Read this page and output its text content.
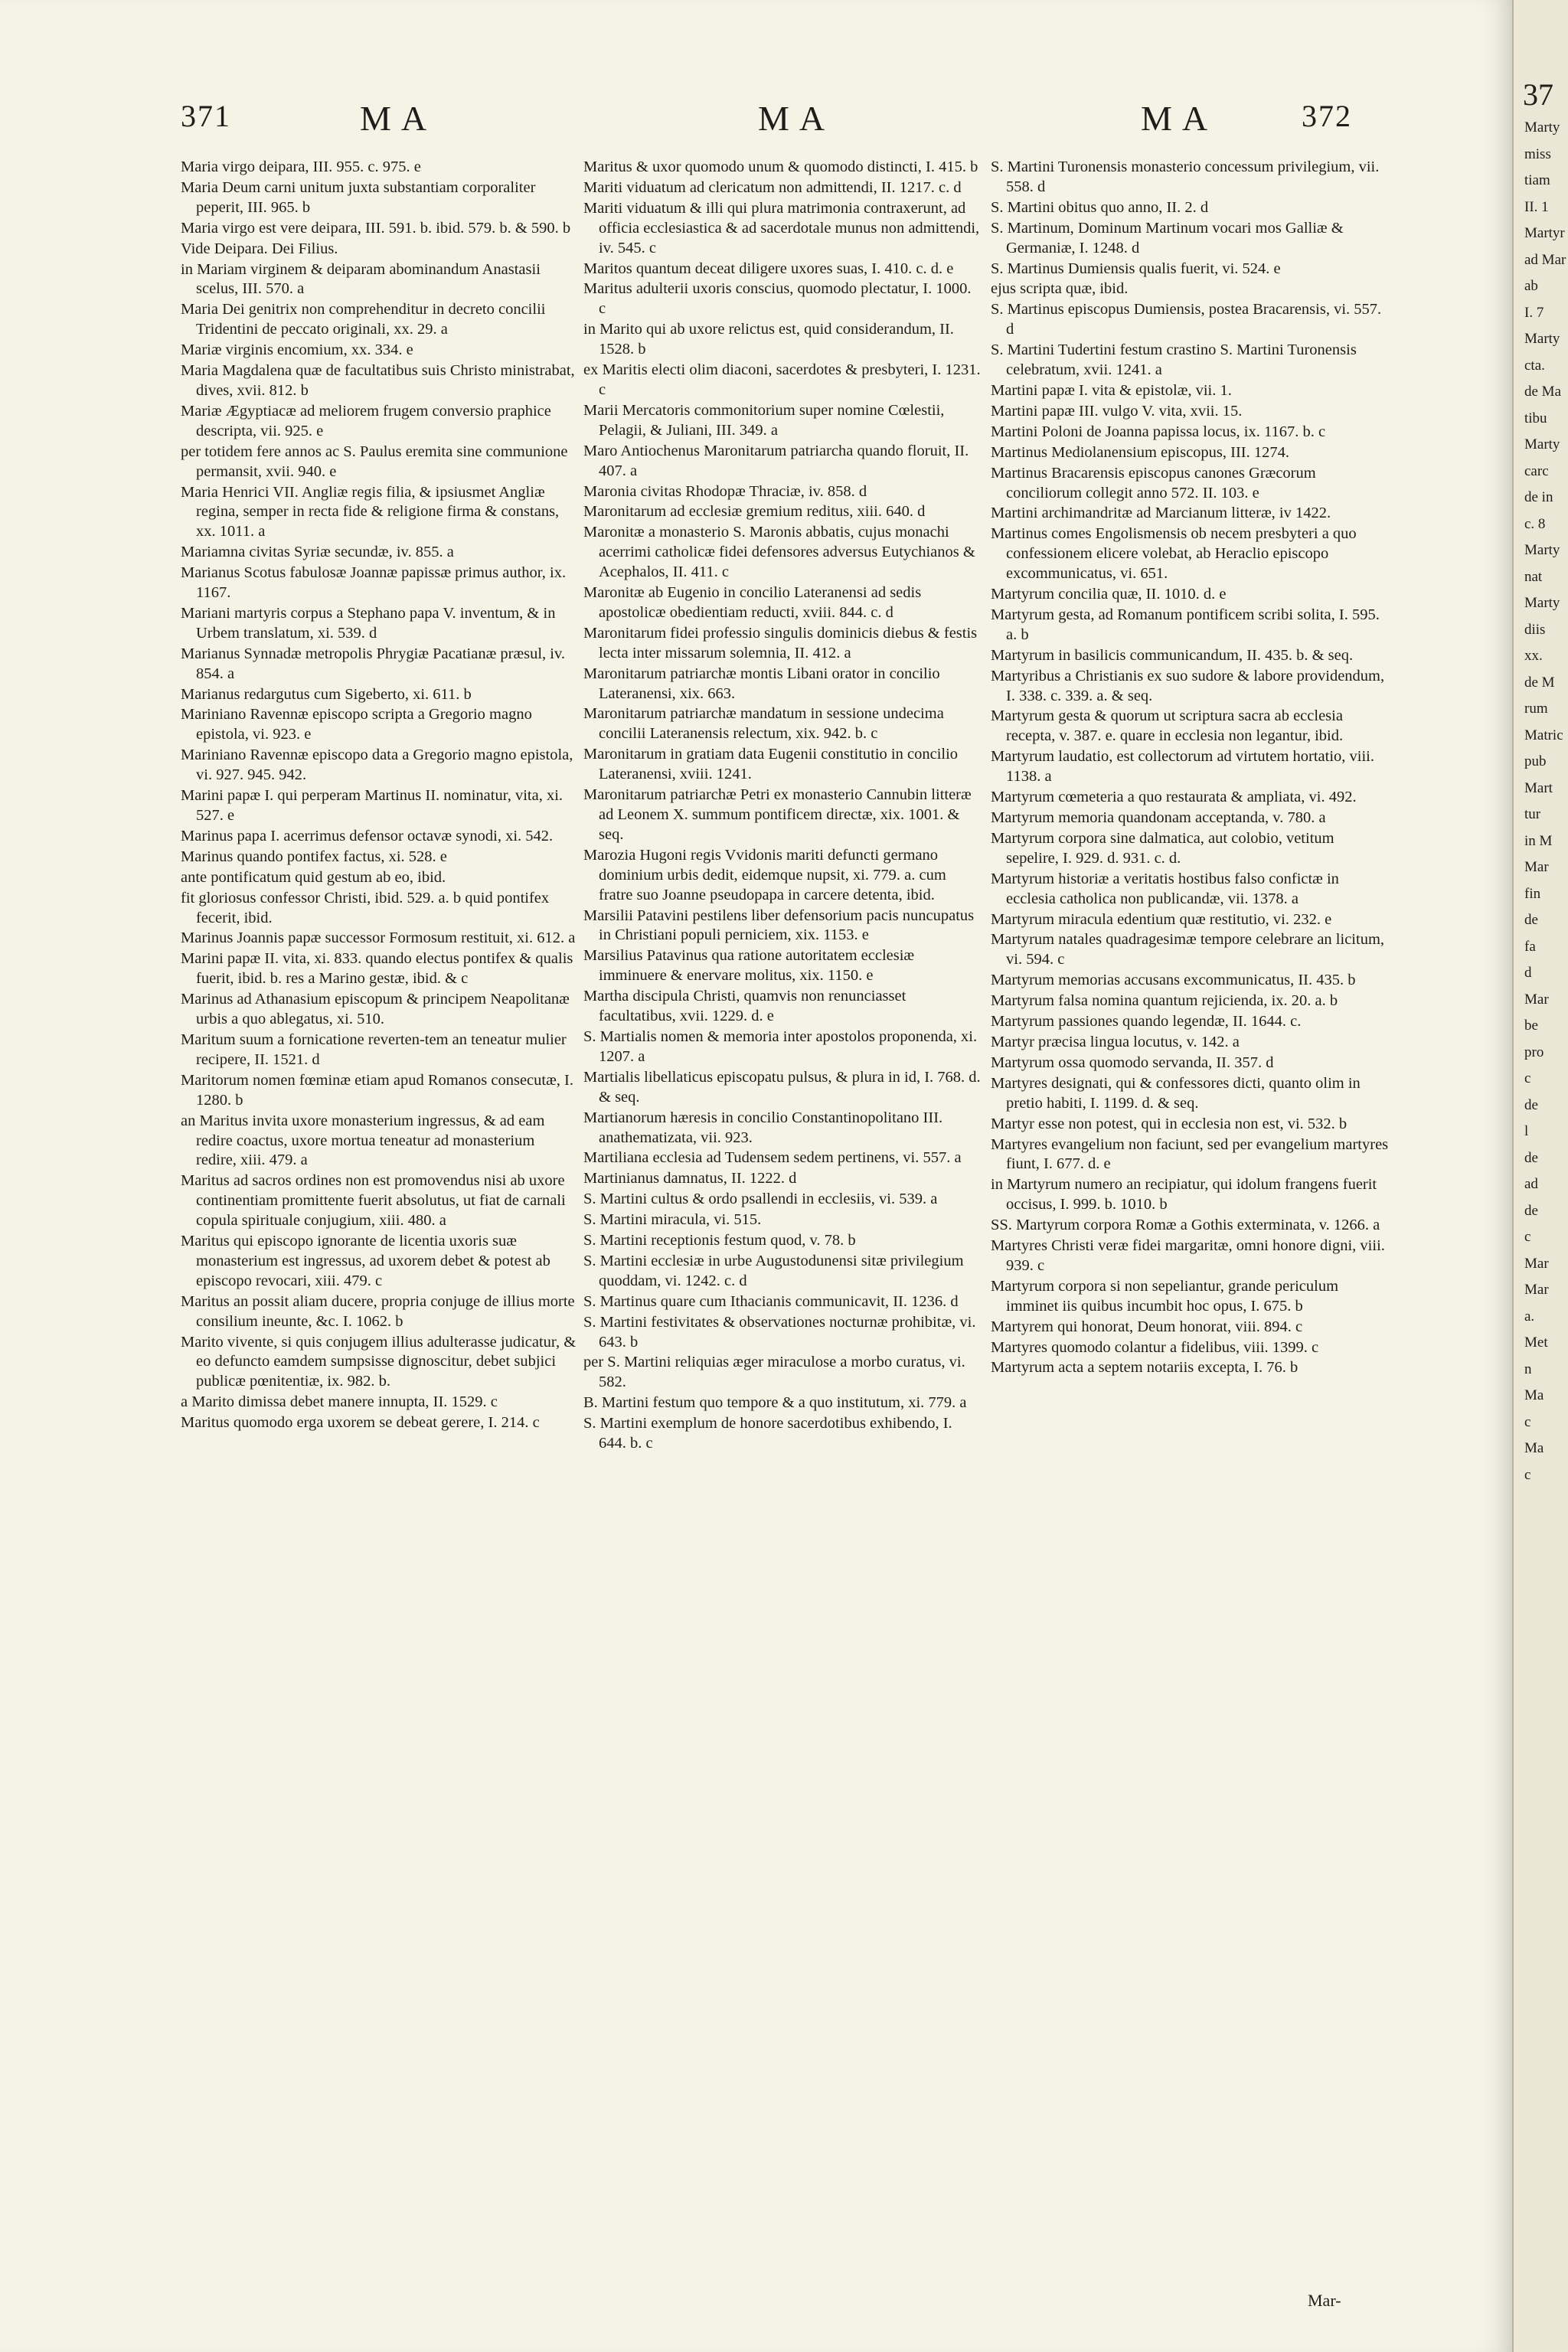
371	M A	M A	M A	372
Maria virgo deipara, III. 955. c. 975. e
Maria Deum carni unitum juxta substantiam corporaliter peperit, III. 965. b
Maria virgo est vere deipara, III. 591. b. ibid. 579. b. & 590. b
Vide Deipara. Dei Filius.
in Mariam virginem & deiparam abominandum Anastasii scelus, III. 570. a
Maria Dei genitrix non comprehenditur in decreto concilii Tridentini de peccato originali, xx. 29. a
Mariæ virginis encomium, xx. 334. e
Maria Magdalena quæ de facultatibus suis Christo ministrabat, dives, xvii. 812. b
Mariæ Ægyptiacæ ad meliorem frugem conversio praphice descripta, vii. 925. e
per totidem fere annos ac S. Paulus eremita sine communione permansit, xvii. 940. e
Maria Henrici VII. Angliæ regis filia, & ipsiusmet Angliæ regina, semper in recta fide & religione firma & constans, xx. 1011. a
Mariamna civitas Syriæ secundæ, iv. 855. a
Marianus Scotus fabulosæ Joannæ papissæ primus author, ix. 1167.
Mariani martyris corpus a Stephano papa V. inventum, & in Urbem translatum, xi. 539. d
Marianus Synnadæ metropolis Phrygiæ Pacatianæ præsul, iv. 854. a
Marianus redargutus cum Sigeberto, xi. 611. b
Mariniano Ravennæ episcopo scripta a Gregorio magno epistola, vi. 923. e
Mariniano Ravennæ episcopo data a Gregorio magno epistola, vi. 927. 945. 942.
Marini papæ I. qui perperam Martinus II. nominatur, vita, xi. 527. e
Marinus papa I. acerrimus defensor octavæ synodi, xi. 542.
Marinus quando pontifex factus, xi. 528. e
ante pontificatum quid gestum ab eo, ibid.
fit gloriosus confessor Christi, ibid. 529. a. b quid pontifex fecerit, ibid.
Marinus Joannis papæ successor Formosum restituit, xi. 612. a
Marini papæ II. vita, xi. 833. quando electus pontifex & qualis fuerit, ibid. b. res a Marino gestæ, ibid. & c
Marinus ad Athanasium episcopum & principem Neapolitanæ urbis a quo ablegatus, xi. 510.
Maritum suum a fornicatione reverten-tem an teneatur mulier recipere, II. 1521. d
Maritorum nomen fœminæ etiam apud Romanos consecutæ, I. 1280. b
an Maritus invita uxore monasterium ingressus, & ad eam redire coactus, uxore mortua teneatur ad monasterium redire, xiii. 479. a
Maritus ad sacros ordines non est promovendus nisi ab uxore continentiam promittente fuerit absolutus, ut fiat de carnali copula spirituale conjugium, xiii. 480. a
Maritus qui episcopo ignorante de licentia uxoris suæ monasterium est ingressus, ad uxorem debet & potest ab episcopo revocari, xiii. 479. c
Maritus an possit aliam ducere, propria conjuge de illius morte consilium ineunte, &c. I. 1062. b
Marito vivente, si quis conjugem illius adulterasse judicatur, & eo defuncto eamdem sumpsisse dignoscitur, debet subjici publicæ pœnitentiæ, ix. 982. b.
a Marito dimissa debet manere innupta, II. 1529. c
Maritus quomodo erga uxorem se debeat gerere, I. 214. c
Maritus & uxor quomodo unum & quomodo distincti, I. 415. b
Mariti viduatum ad clericatum non admittendi, II. 1217. c. d
Mariti viduatum & illi qui plura matrimonia contraxerunt, ad officia ecclesiastica & ad sacerdotale munus non admittendi, iv. 545. c
Maritos quantum deceat diligere uxores suas, I. 410. c. d. e
Maritus adulterii uxoris conscius, quomodo plectatur, I. 1000. c
in Marito qui ab uxore relictus est, quid considerandum, II. 1528. b
ex Maritis electi olim diaconi, sacerdotes & presbyteri, I. 1231. c
Marii Mercatoris commonitorium super nomine Cœlestii, Pelagii, & Juliani, III. 349. a
Maro Antiochenus Maronitarum patriarcha quando floruit, II. 407. a
Maronia civitas Rhodopæ Thraciæ, iv. 858. d
Maronitarum ad ecclesiæ gremium reditus, xiii. 640. d
Maronitæ a monasterio S. Maronis abbatis, cujus monachi acerrimi catholicæ fidei defensores adversus Eutychianos & Acephalos, II. 411. c
Maronitæ ab Eugenio in concilio Lateranensi ad sedis apostolicæ obedientiam reducti, xviii. 844. c. d
Maronitarum fidei professio singulis dominicis diebus & festis lecta inter missarum solemnia, II. 412. a
Maronitarum patriarchæ montis Libani orator in concilio Lateranensi, xix. 663.
Maronitarum patriarchæ mandatum in sessione undecima concilii Lateranensis relectum, xix. 942. b. c
Maronitarum in gratiam data Eugenii constitutio in concilio Lateranensi, xviii. 1241.
Maronitarum patriarchæ Petri ex monasterio Cannubin litteræ ad Leonem X. summum pontificem directæ, xix. 1001. & seq.
Marozia Hugoni regis Vvidonis mariti defuncti germano dominium urbis dedit, eidemque nupsit, xi. 779. a. cum fratre suo Joanne pseudopapa in carcere detenta, ibid.
Marsilii Patavini pestilens liber defensorium pacis nuncupatus in Christiani populi perniciem, xix. 1153. e
Marsilius Patavinus qua ratione autoritatem ecclesiæ imminuere & enervare molitus, xix. 1150. e
Martha discipula Christi, quamvis non renunciasset facultatibus, xvii. 1229. d. e
S. Martialis nomen & memoria inter apostolos proponenda, xi. 1207. a
Martialis libellaticus episcopatu pulsus, & plura in id, I. 768. d. & seq.
Martianorum hæresis in concilio Constantinopolitano III. anathematizata, vii. 923.
Martiliana ecclesia ad Tudensem sedem pertinens, vi. 557. a
Martinianus damnatus, II. 1222. d
S. Martini cultus & ordo psallendi in ecclesiis, vi. 539. a
S. Martini miracula, vi. 515.
S. Martini receptionis festum quod, v. 78. b
S. Martini ecclesiæ in urbe Augustodunensi sitæ privilegium quoddam, vi. 1242. c. d
S. Martinus quare cum Ithacianis communicavit, II. 1236. d
S. Martini festivitates & observationes nocturnæ prohibitæ, vi. 643. b
per S. Martini reliquias æger miraculose a morbo curatus, vi. 582.
B. Martini festum quo tempore & a quo institutum, xi. 779. a
S. Martini exemplum de honore sacerdotibus exhibendo, I. 644. b. c
S. Martini Turonensis monasterio concessum privilegium, vii. 558. d
S. Martini obitus quo anno, II. 2. d
S. Martinum, Dominum Martinum vocari mos Galliæ & Germaniæ, I. 1248. d
S. Martinus Dumiensis qualis fuerit, vi. 524. e
ejus scripta quæ, ibid.
S. Martinus episcopus Dumiensis, postea Bracarensis, vi. 557. d
S. Martini Tudertini festum crastino S. Martini Turonensis celebratum, xvii. 1241. a
Martini papæ I. vita & epistolæ, vii. 1.
Martini papæ III. vulgo V. vita, xvii. 15.
Martini Poloni de Joanna papissa locus, ix. 1167. b. c
Martinus Mediolanensium episcopus, III. 1274.
Martinus Bracarensis episcopus canones Græcorum conciliorum collegit anno 572. II. 103. e
Martini archimandritæ ad Marcianum litteræ, iv 1422.
Martinus comes Engolismensis ob necem presbyteri a quo confessionem elicere volebat, ab Heraclio episcopo excommunicatus, vi. 651.
Martyrum concilia quæ, II. 1010. d. e
Martyrum gesta, ad Romanum pontificem scribi solita, I. 595. a. b
Martyrum in basilicis communicandum, II. 435. b. & seq.
Martyribus a Christianis ex suo sudore & labore providendum, I. 338. c. 339. a. & seq.
Martyrum gesta & quorum ut scriptura sacra ab ecclesia recepta, v. 387. e. quare in ecclesia non legantur, ibid.
Martyrum laudatio, est collectorum ad virtutem hortatio, viii. 1138. a
Martyrum cœmeteria a quo restaurata & ampliata, vi. 492.
Martyrum memoria quandonam acceptanda, v. 780. a
Martyrum corpora sine dalmatica, aut colobio, vetitum sepelire, I. 929. d. 931. c. d.
Martyrum historiæ a veritatis hostibus falso confictæ in ecclesia catholica non publicandæ, vii. 1378. a
Martyrum miracula edentium quæ restitutio, vi. 232. e
Martyrum natales quadragesimæ tempore celebrare an licitum, vi. 594. c
Martyrum memorias accusans excommunicatus, II. 435. b
Martyrum falsa nomina quantum rejicienda, ix. 20. a. b
Martyrum passiones quando legendæ, II. 1644. c.
Martyr præcisa lingua locutus, v. 142. a
Martyrum ossa quomodo servanda, II. 357. d
Martyres designati, qui & confessores dicti, quanto olim in pretio habiti, I. 1199. d. & seq.
Martyr esse non potest, qui in ecclesia non est, vi. 532. b
Martyres evangelium non faciunt, sed per evangelium martyres fiunt, I. 677. d. e
in Martyrum numero an recipiatur, qui idolum frangens fuerit occisus, I. 999. b. 1010. b
SS. Martyrum corpora Romæ a Gothis exterminata, v. 1266. a
Martyres Christi veræ fidei margaritæ, omni honore digni, viii. 939. c
Martyrum corpora si non sepeliantur, grande periculum imminet iis quibus incumbit hoc opus, I. 675. b
Martyrem qui honorat, Deum honorat, viii. 894. c
Martyres quomodo colantur a fidelibus, viii. 1399. c
Martyrum acta a septem notariis excepta, I. 76. b
Mar-
37
Marty
miss
tiam
II. 1
Martyr
ad Mar
ab
I. 7
Marty
cta.
de Ma
tibu
Marty
carc
de in
c. 8
Marty
nat
Marty
diis
xx.
de M
rum
Matric
pub
Mart
tur
in M
Mar
fin
de
fa
d
Mar
be
pro
c
de
l
de
ad
de
c
Mar
Mar
a.
Met
n
Ma
c
Ma
c
